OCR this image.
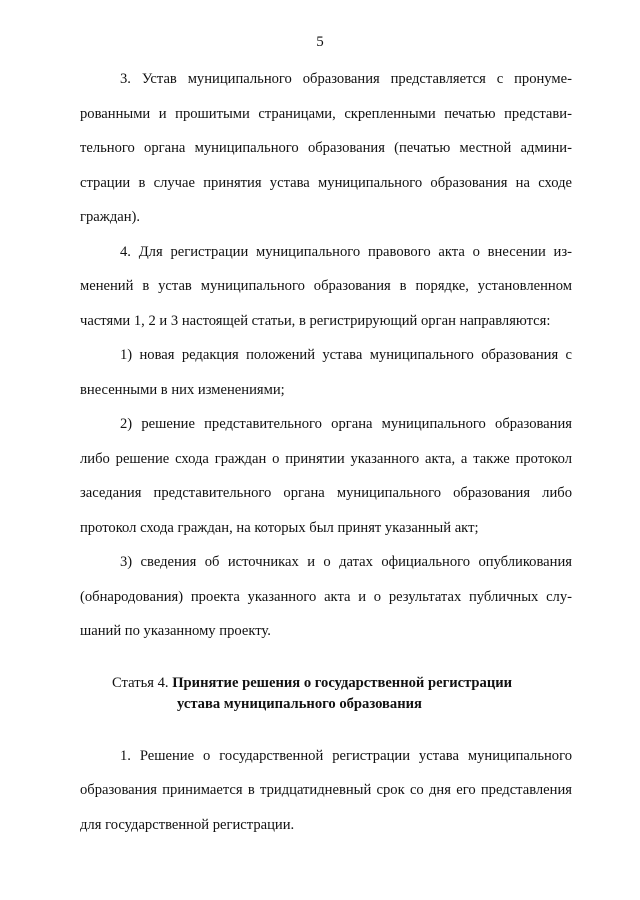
5

3. Устав муниципального образования представляется с пронумерованными и прошитыми страницами, скрепленными печатью представительного органа муниципального образования (печатью местной администрации в случае принятия устава муниципального образования на сходе граждан).

4. Для регистрации муниципального правового акта о внесении изменений в устав муниципального образования в порядке, установленном частями 1, 2 и 3 настоящей статьи, в регистрирующий орган направляются:

1) новая редакция положений устава муниципального образования с внесенными в них изменениями;

2) решение представительного органа муниципального образования либо решение схода граждан о принятии указанного акта, а также протокол заседания представительного органа муниципального образования либо протокол схода граждан, на которых был принят указанный акт;

3) сведения об источниках и о датах официального опубликования (обнародования) проекта указанного акта и о результатах публичных слушаний по указанному проекту.

Статья 4. Принятие решения о государственной регистрации
устава муниципального образования

1. Решение о государственной регистрации устава муниципального образования принимается в тридцатидневный срок со дня его представления для государственной регистрации.
